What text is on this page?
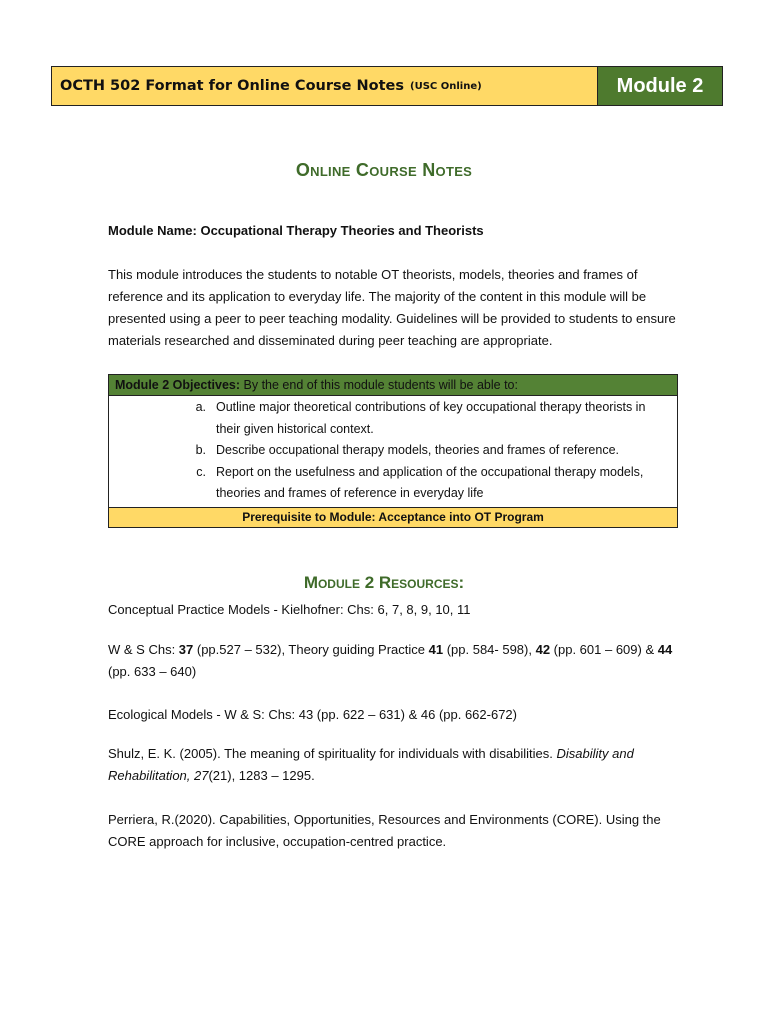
OCTH 502 Format for Online Course Notes (USC Online)	Module 2
Online Course Notes
Module Name: Occupational Therapy Theories and Theorists
This module introduces the students to notable OT theorists, models, theories and frames of reference and its application to everyday life. The majority of the content in this module will be presented using a peer to peer teaching modality. Guidelines will be provided to students to ensure materials researched and disseminated during peer teaching are appropriate.
Module 2 Objectives: By the end of this module students will be able to:
a. Outline major theoretical contributions of key occupational therapy theorists in their given historical context.
b. Describe occupational therapy models, theories and frames of reference.
c. Report on the usefulness and application of the occupational therapy models, theories and frames of reference in everyday life
Prerequisite to Module: Acceptance into OT Program
Module 2 Resources:
Conceptual Practice Models - Kielhofner: Chs: 6, 7, 8, 9, 10, 11
W & S Chs: 37 (pp.527 – 532), Theory guiding Practice 41 (pp. 584- 598), 42 (pp. 601 – 609) & 44 (pp. 633 – 640)
Ecological Models - W & S: Chs: 43 (pp. 622 – 631) & 46 (pp. 662-672)
Shulz, E. K. (2005). The meaning of spirituality for individuals with disabilities. Disability and Rehabilitation, 27(21), 1283 – 1295.
Perriera, R.(2020). Capabilities, Opportunities, Resources and Environments (CORE). Using the CORE approach for inclusive, occupation-centred practice.
